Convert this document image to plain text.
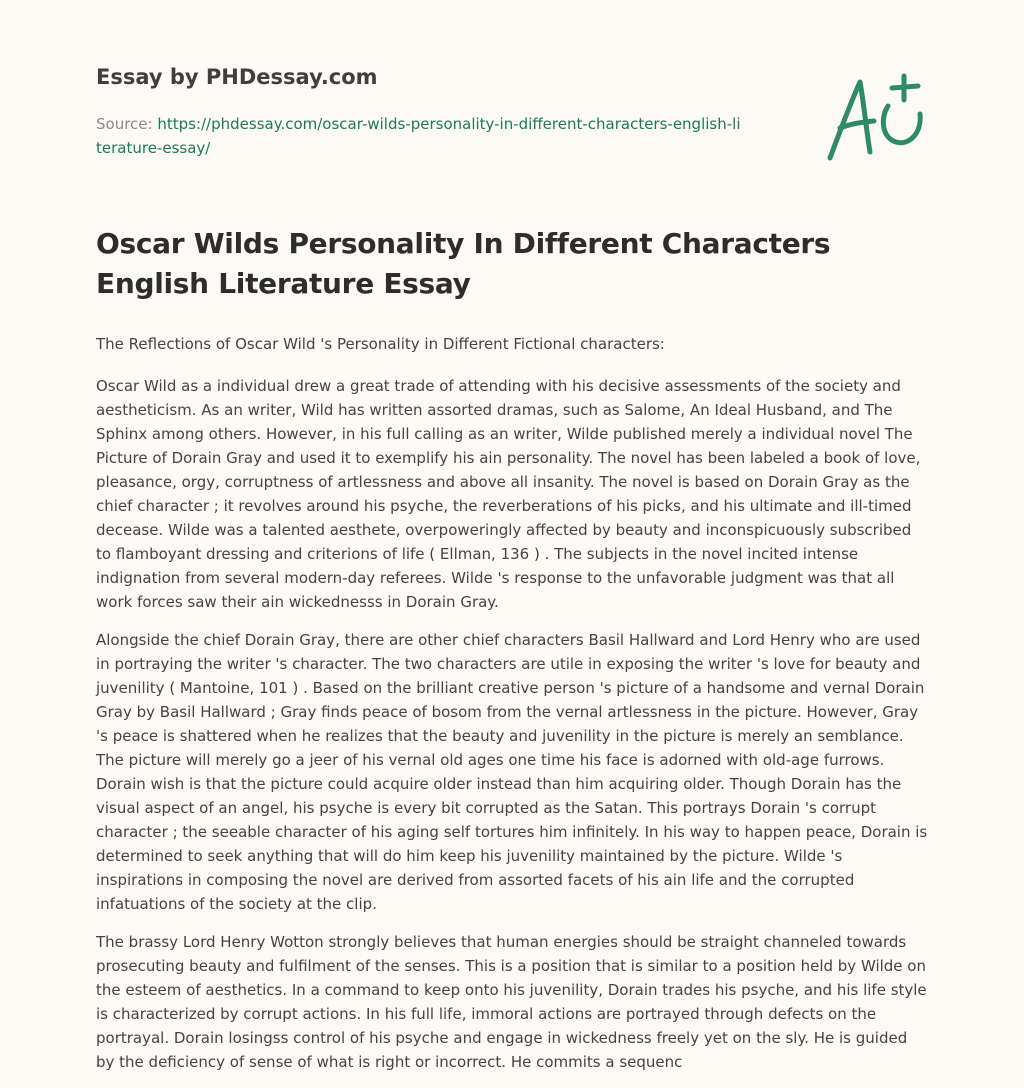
Essay by PHDessay.com
Source: https://phdessay.com/oscar-wilds-personality-in-different-characters-english-literature-essay/
Oscar Wilds Personality In Different Characters English Literature Essay

The Reflections of Oscar Wild 's Personality in Different Fictional characters:

Oscar Wild as a individual drew a great trade of attending with his decisive assessments of the society and aestheticism. As an writer, Wild has written assorted dramas, such as Salome, An Ideal Husband, and The Sphinx among others. However, in his full calling as an writer, Wilde published merely a individual novel The Picture of Dorain Gray and used it to exemplify his ain personality. The novel has been labeled a book of love, pleasance, orgy, corruptness of artlessness and above all insanity. The novel is based on Dorain Gray as the chief character ; it revolves around his psyche, the reverberations of his picks, and his ultimate and ill-timed decease. Wilde was a talented aesthete, overpoweringly affected by beauty and inconspicuously subscribed to flamboyant dressing and criterions of life ( Ellman, 136 ) . The subjects in the novel incited intense indignation from several modern-day referees. Wilde 's response to the unfavorable judgment was that all work forces saw their ain wickednesss in Dorain Gray.

Alongside the chief Dorain Gray, there are other chief characters Basil Hallward and Lord Henry who are used in portraying the writer 's character. The two characters are utile in exposing the writer 's love for beauty and juvenility ( Mantoine, 101 ) . Based on the brilliant creative person 's picture of a handsome and vernal Dorain Gray by Basil Hallward ; Gray finds peace of bosom from the vernal artlessness in the picture. However, Gray 's peace is shattered when he realizes that the beauty and juvenility in the picture is merely an semblance. The picture will merely go a jeer of his vernal old ages one time his face is adorned with old-age furrows. Dorain wish is that the picture could acquire older instead than him acquiring older. Though Dorain has the visual aspect of an angel, his psyche is every bit corrupted as the Satan. This portrays Dorain 's corrupt character ; the seeable character of his aging self tortures him infinitely. In his way to happen peace, Dorain is determined to seek anything that will do him keep his juvenility maintained by the picture. Wilde 's inspirations in composing the novel are derived from assorted facets of his ain life and the corrupted infatuations of the society at the clip.

The brassy Lord Henry Wotton strongly believes that human energies should be straight channeled towards prosecuting beauty and fulfilment of the senses. This is a position that is similar to a position held by Wilde on the esteem of aesthetics. In a command to keep onto his juvenility, Dorain trades his psyche, and his life style is characterized by corrupt actions. In his full life, immoral actions are portrayed through defects on the portrayal. Dorain losingss control of his psyche and engage in wickedness freely yet on the sly. He is guided by the deficiency of sense of what is right or incorrect. He commits a sequenc
